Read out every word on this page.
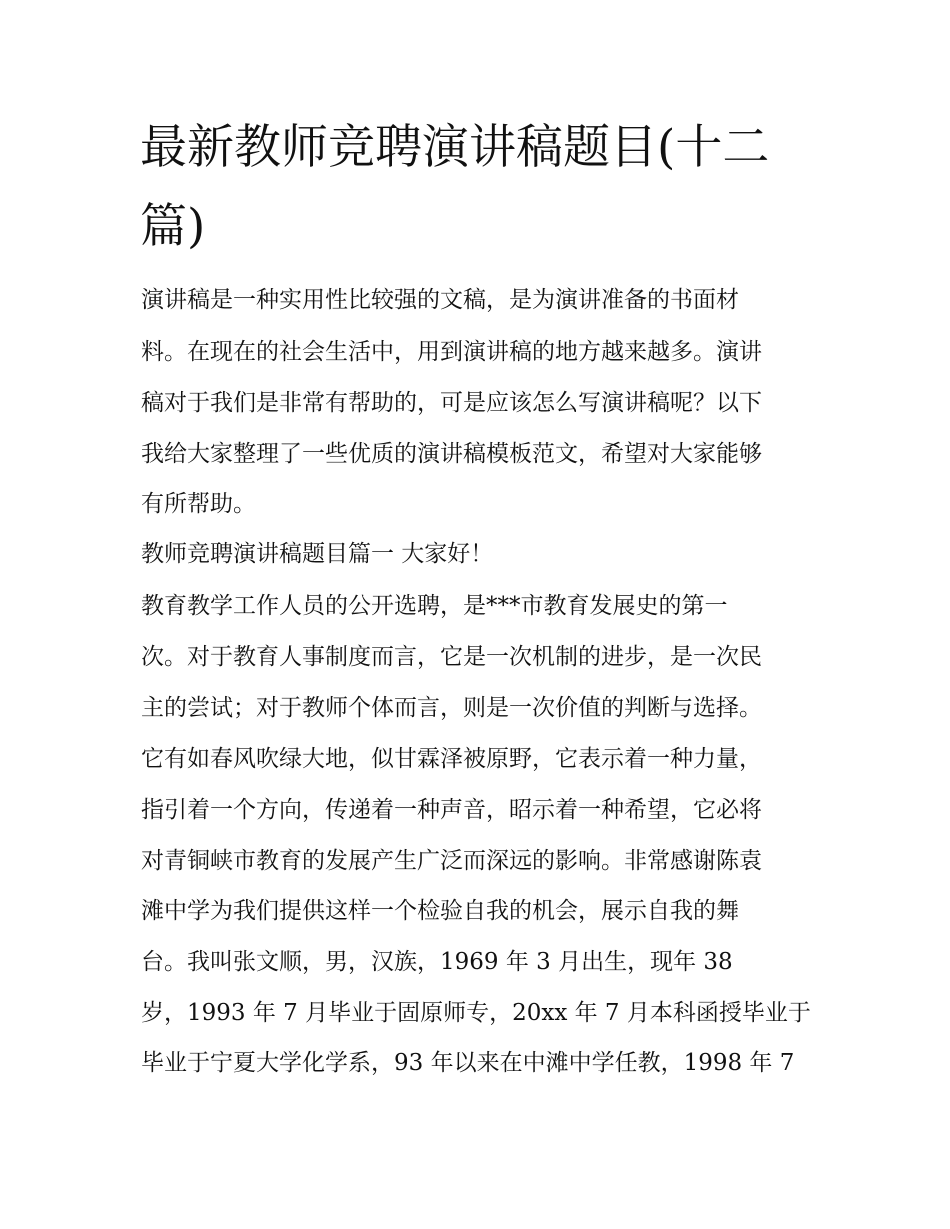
最新教师竞聘演讲稿题目(十二
篇)
演讲稿是一种实用性比较强的文稿，是为演讲准备的书面材
料。在现在的社会生活中，用到演讲稿的地方越来越多。演讲
稿对于我们是非常有帮助的，可是应该怎么写演讲稿呢？以下
我给大家整理了一些优质的演讲稿模板范文，希望对大家能够
有所帮助。
教师竞聘演讲稿题目篇一 大家好！
教育教学工作人员的公开选聘，是***市教育发展史的第一
次。对于教育人事制度而言，它是一次机制的进步，是一次民
主的尝试；对于教师个体而言，则是一次价值的判断与选择。
它有如春风吹绿大地，似甘霖泽被原野，它表示着一种力量，
指引着一个方向，传递着一种声音，昭示着一种希望，它必将
对青铜峡市教育的发展产生广泛而深远的影响。非常感谢陈袁
滩中学为我们提供这样一个检验自我的机会，展示自我的舞
台。我叫张文顺，男，汉族，1969 年 3 月出生，现年 38
岁，1993 年 7 月毕业于固原师专，20xx 年 7 月本科函授毕业于
毕业于宁夏大学化学系，93 年以来在中滩中学任教，1998 年 7
